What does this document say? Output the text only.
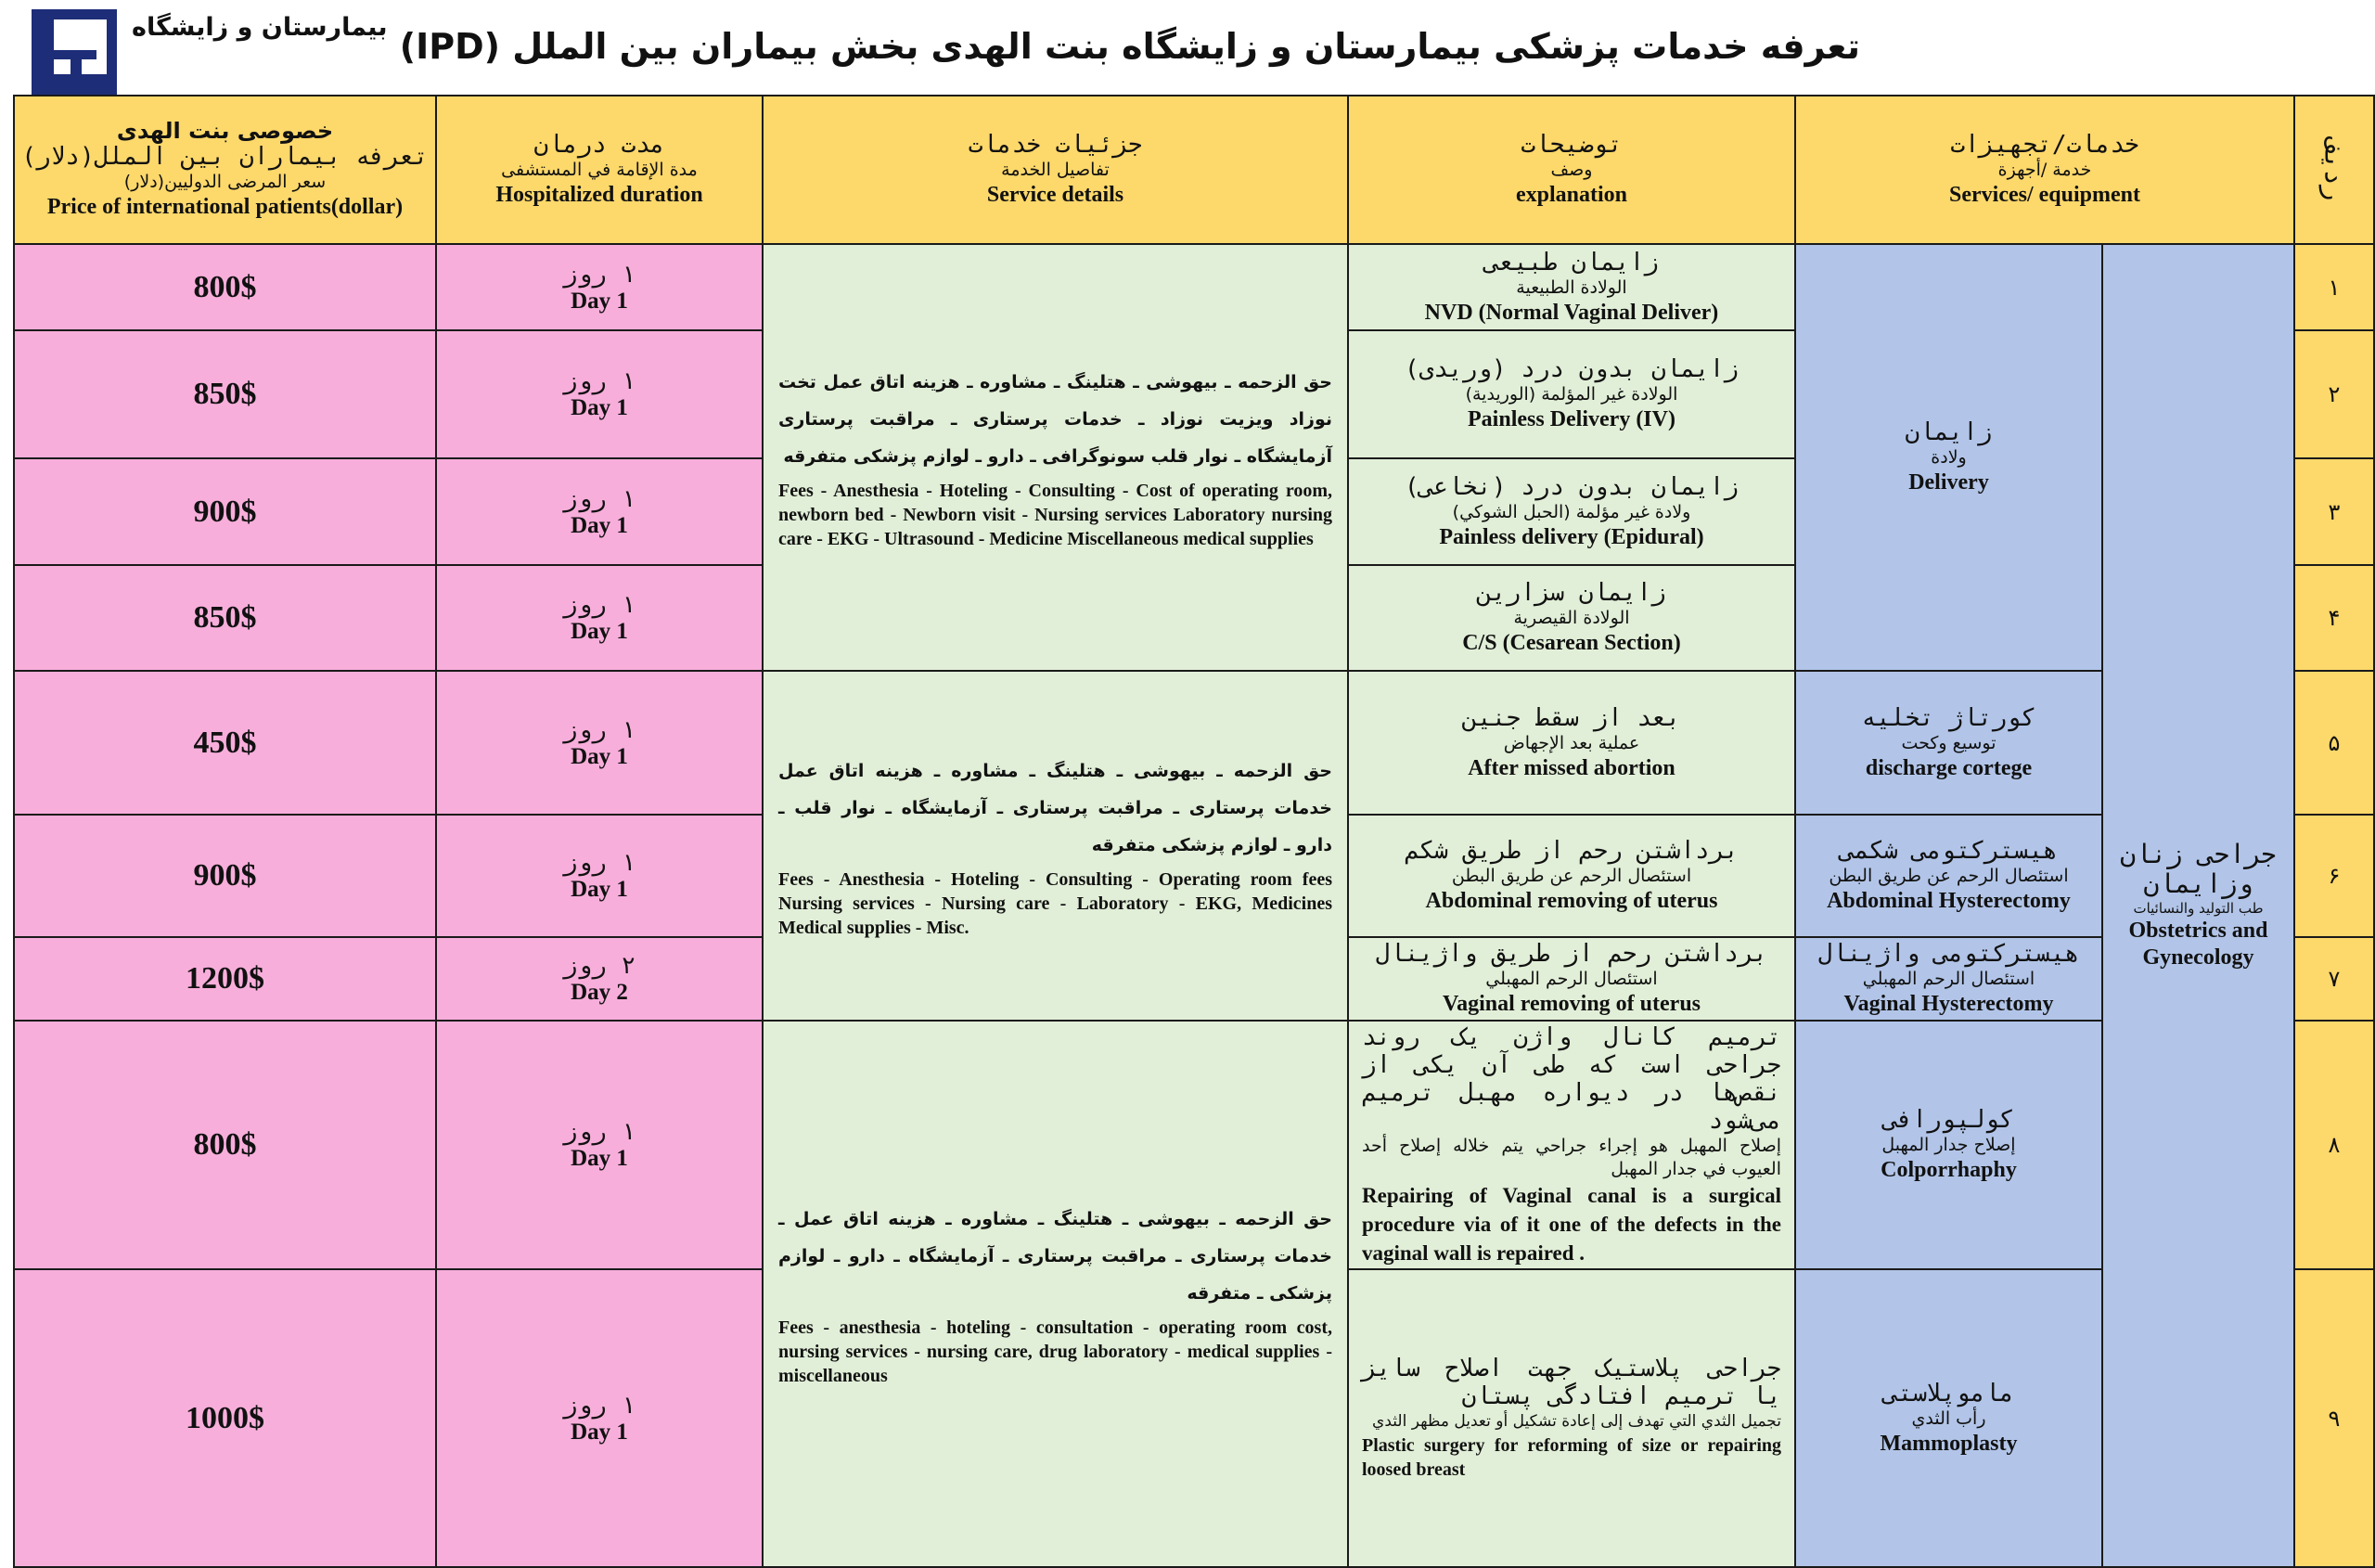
بیمارستان و زایشگاه تعرفه خدمات پزشکی بیمارستان و زایشگاه بنت الهدی بخش بیماران بین الملل (IPD)
خصوصی بنت الهدی
تعرفه بیماران بین الملل(دلار)
سعر المرضى الدوليين(دلار)
Price of international patients(dollar)
مدت درمان
مدة الإقامة في المستشفى
Hospitalized duration
جزئیات خدمات
تفاصيل الخدمة
Service details
توضیحات
وصف
explanation
خدمات/تجهیزات
خدمة /أجهزة
Services/ equipment	ردیف
800$
850$
900$
850$
450$
900$
1200$
800$
1000$
۱ روز
Day 1
۱ روز
Day 1
۱ روز
Day 1
۱ روز
Day 1
۱ روز
Day 1
۱ روز
Day 1
۲ روز
Day 2
۱ روز
Day 1
۱ روز
Day 1
حق الزحمه ـ بیهوشی ـ هتلینگ ـ مشاوره ـ هزینه اتاق عمل تخت نوزاد ویزیت نوزاد ـ خدمات پرستاری ـ مراقبت پرستاری آزمایشگاه ـ نوار قلب سونوگرافی ـ دارو ـ لوازم پزشکی متفرقه
Fees - Anesthesia - Hoteling - Consulting - Cost of operating room, newborn bed - Newborn visit - Nursing services Laboratory nursing care - EKG - Ultrasound - Medicine Miscellaneous medical supplies
حق الزحمه ـ بیهوشی ـ هتلینگ ـ مشاوره ـ هزینه اتاق عمل خدمات پرستاری ـ مراقبت پرستاری ـ آزمایشگاه ـ نوار قلب ـ دارو ـ لوازم پزشکی متفرقه
Fees - Anesthesia - Hoteling - Consulting - Operating room fees Nursing services - Nursing care - Laboratory - EKG, Medicines Medical supplies - Misc.
حق الزحمه ـ بیهوشی ـ هتلینگ ـ مشاوره ـ هزینه اتاق عمل ـ خدمات پرستاری ـ مراقبت پرستاری ـ آزمایشگاه ـ دارو ـ لوازم پزشکی ـ متفرقه
Fees - anesthesia - hoteling - consultation - operating room cost, nursing services - nursing care, drug laboratory - medical supplies - miscellaneous
زایمان طبیعی
الولادة الطبيعية
NVD (Normal Vaginal Deliver)
زایمان بدون درد (وریدی)
الولادة غير المؤلمة (الوريدية)
Painless Delivery (IV)
زایمان بدون درد (نخاعی)
ولادة غير مؤلمة (الحبل الشوكي)
Painless delivery (Epidural)
زایمان سزارین
الولادة القيصرية
C/S (Cesarean Section)
بعد از سقط جنین
عملية بعد الإجهاض
After missed abortion
برداشتن رحم از طریق شکم
استئصال الرحم عن طريق البطن
Abdominal removing of uterus
برداشتن رحم از طریق واژینال
استئصال الرحم المهبلي
Vaginal removing of uterus
ترمیم کانال واژن یک روند جراحی است که طی آن یکی از نقص‌ها در دیواره مهبل ترمیم می‌شود
إصلاح المهبل هو إجراء جراحي يتم خلاله إصلاح أحد العيوب في جدار المهبل
Repairing of Vaginal canal is a surgical procedure via of it one of the defects in the vaginal wall is repaired .
جراحی پلاستیک جهت اصلاح سایز یا ترمیم افتادگی پستان
تجميل الثدي التي تهدف إلى إعادة تشكيل أو تعديل مظهر الثدي
Plastic surgery for reforming of size or repairing loosed breast
زایمان
ولادة
Delivery
کورتاژ تخلیه
توسيع وكحت
discharge cortege
هیسترکتومی شکمی
استئصال الرحم عن طريق البطن
Abdominal Hysterectomy
هیسترکتومی واژینال
استئصال الرحم المهبلي
Vaginal Hysterectomy
کولپورافی
إصلاح جدار المهبل
Colporrhaphy
ماموپلاستی
رأب الثدي
Mammoplasty
جراحی زنان
وزایمان
طب التوليد والنسائيات
Obstetrics and Gynecology
۱
۲
۳
۴
۵
۶
۷
۸
۹
